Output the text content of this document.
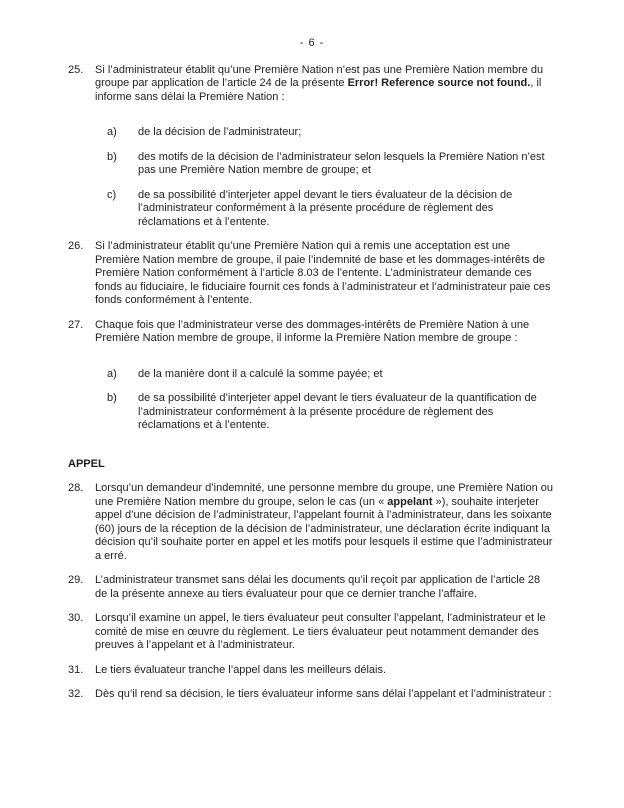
- 6 -
25.	Si l’administrateur établit qu’une Première Nation n’est pas une Première Nation membre du groupe par application de l’article 24 de la présente Error! Reference source not found., il informe sans délai la Première Nation :
a)	de la décision de l’administrateur;
b)	des motifs de la décision de l’administrateur selon lesquels la Première Nation n’est pas une Première Nation membre de groupe; et
c)	de sa possibilité d’interjeter appel devant le tiers évaluateur de la décision de l’administrateur conformément à la présente procédure de règlement des réclamations et à l’entente.
26.	Si l’administrateur établit qu’une Première Nation qui a remis une acceptation est une Première Nation membre de groupe, il paie l’indemnité de base et les dommages-intérêts de Première Nation conformément à l’article 8.03 de l’entente. L’administrateur demande ces fonds au fiduciaire, le fiduciaire fournit ces fonds à l’administrateur et l’administrateur paie ces fonds conformément à l’entente.
27.	Chaque fois que l’administrateur verse des dommages-intérêts de Première Nation à une Première Nation membre de groupe, il informe la Première Nation membre de groupe :
a)	de la manière dont il a calculé la somme payée; et
b)	de sa possibilité d’interjeter appel devant le tiers évaluateur de la quantification de l’administrateur conformément à la présente procédure de règlement des réclamations et à l’entente.
APPEL
28.	Lorsqu’un demandeur d’indemnité, une personne membre du groupe, une Première Nation ou une Première Nation membre du groupe, selon le cas (un « appelant »), souhaite interjeter appel d’une décision de l’administrateur, l’appelant fournit à l’administrateur, dans les soixante (60) jours de la réception de la décision de l’administrateur, une déclaration écrite indiquant la décision qu’il souhaite porter en appel et les motifs pour lesquels il estime que l’administrateur a erré.
29.	L’administrateur transmet sans délai les documents qu’il reçoit par application de l’article 28 de la présente annexe au tiers évaluateur pour que ce dernier tranche l’affaire.
30.	Lorsqu’il examine un appel, le tiers évaluateur peut consulter l’appelant, l’administrateur et le comité de mise en œuvre du règlement. Le tiers évaluateur peut notamment demander des preuves à l’appelant et à l’administrateur.
31.	Le tiers évaluateur tranche l’appel dans les meilleurs délais.
32.	Dès qu’il rend sa décision, le tiers évaluateur informe sans délai l’appelant et l’administrateur :
